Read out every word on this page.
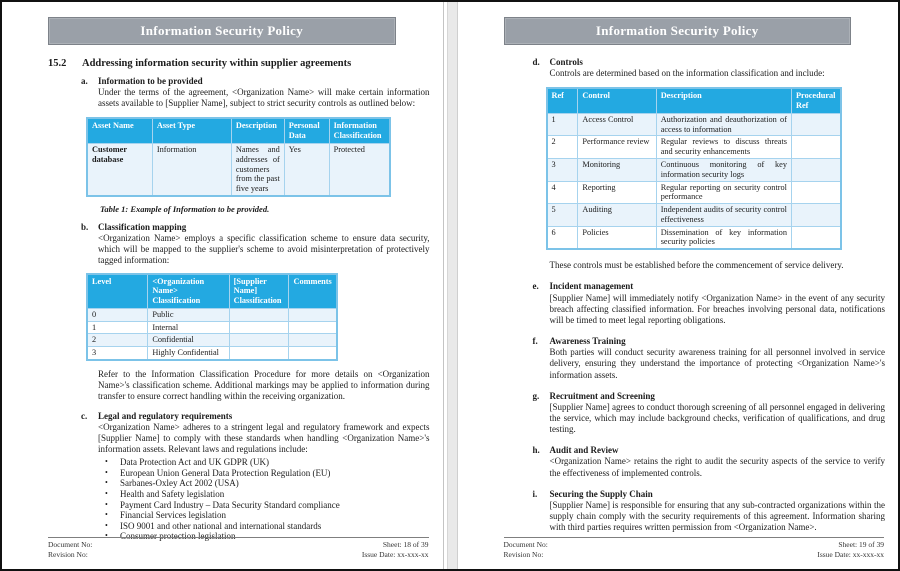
Information Security Policy
15.2	Addressing information security within supplier agreements
a. Information to be provided
Under the terms of the agreement, <Organization Name> will make certain information assets available to [Supplier Name], subject to strict security controls as outlined below:
Asset Name	Asset Type	Description	Personal Data	Information Classification
Customer database	Information	Names and addresses of customers from the past five years	Yes	Protected
Table 1: Example of Information to be provided.
b. Classification mapping
<Organization Name> employs a specific classification scheme to ensure data security, which will be mapped to the supplier's scheme to avoid misinterpretation of protectively tagged information:
Level	<Organization Name> Classification	[Supplier Name] Classification	Comments
0	Public		
1	Internal		
2	Confidential		
3	Highly Confidential		
Refer to the Information Classification Procedure for more details on <Organization Name>'s classification scheme. Additional markings may be applied to information during transfer to ensure correct handling within the receiving organization.
c. Legal and regulatory requirements
<Organization Name> adheres to a stringent legal and regulatory framework and expects [Supplier Name] to comply with these standards when handling <Organization Name>'s information assets. Relevant laws and regulations include:
•	Data Protection Act and UK GDPR (UK)
•	European Union General Data Protection Regulation (EU)
•	Sarbanes-Oxley Act 2002 (USA)
•	Health and Safety legislation
•	Payment Card Industry – Data Security Standard compliance
•	Financial Services legislation
•	ISO 9001 and other national and international standards
•	Consumer protection legislation
Document No:
Revision No:
Sheet: 18 of 39
Issue Date: xx-xxx-xx
Information Security Policy
d. Controls
Controls are determined based on the information classification and include:
Ref	Control	Description	Procedural Ref
1	Access Control	Authorization and deauthorization of access to information	
2	Performance review	Regular reviews to discuss threats and security enhancements	
3	Monitoring	Continuous monitoring of key information security logs	
4	Reporting	Regular reporting on security control performance	
5	Auditing	Independent audits of security control effectiveness	
6	Policies	Dissemination of key information security policies	
These controls must be established before the commencement of service delivery.
e. Incident management
[Supplier Name] will immediately notify <Organization Name> in the event of any security breach affecting classified information. For breaches involving personal data, notifications will be timed to meet legal reporting obligations.
f. Awareness Training
Both parties will conduct security awareness training for all personnel involved in service delivery, ensuring they understand the importance of protecting <Organization Name>'s information assets.
g. Recruitment and Screening
[Supplier Name] agrees to conduct thorough screening of all personnel engaged in delivering the service, which may include background checks, verification of qualifications, and drug testing.
h. Audit and Review
<Organization Name> retains the right to audit the security aspects of the service to verify the effectiveness of implemented controls.
i. Securing the Supply Chain
[Supplier Name] is responsible for ensuring that any sub-contracted organizations within the supply chain comply with the security requirements of this agreement. Information sharing with third parties requires written permission from <Organization Name>.
Document No:
Revision No:
Sheet: 19 of 39
Issue Date: xx-xxx-xx
